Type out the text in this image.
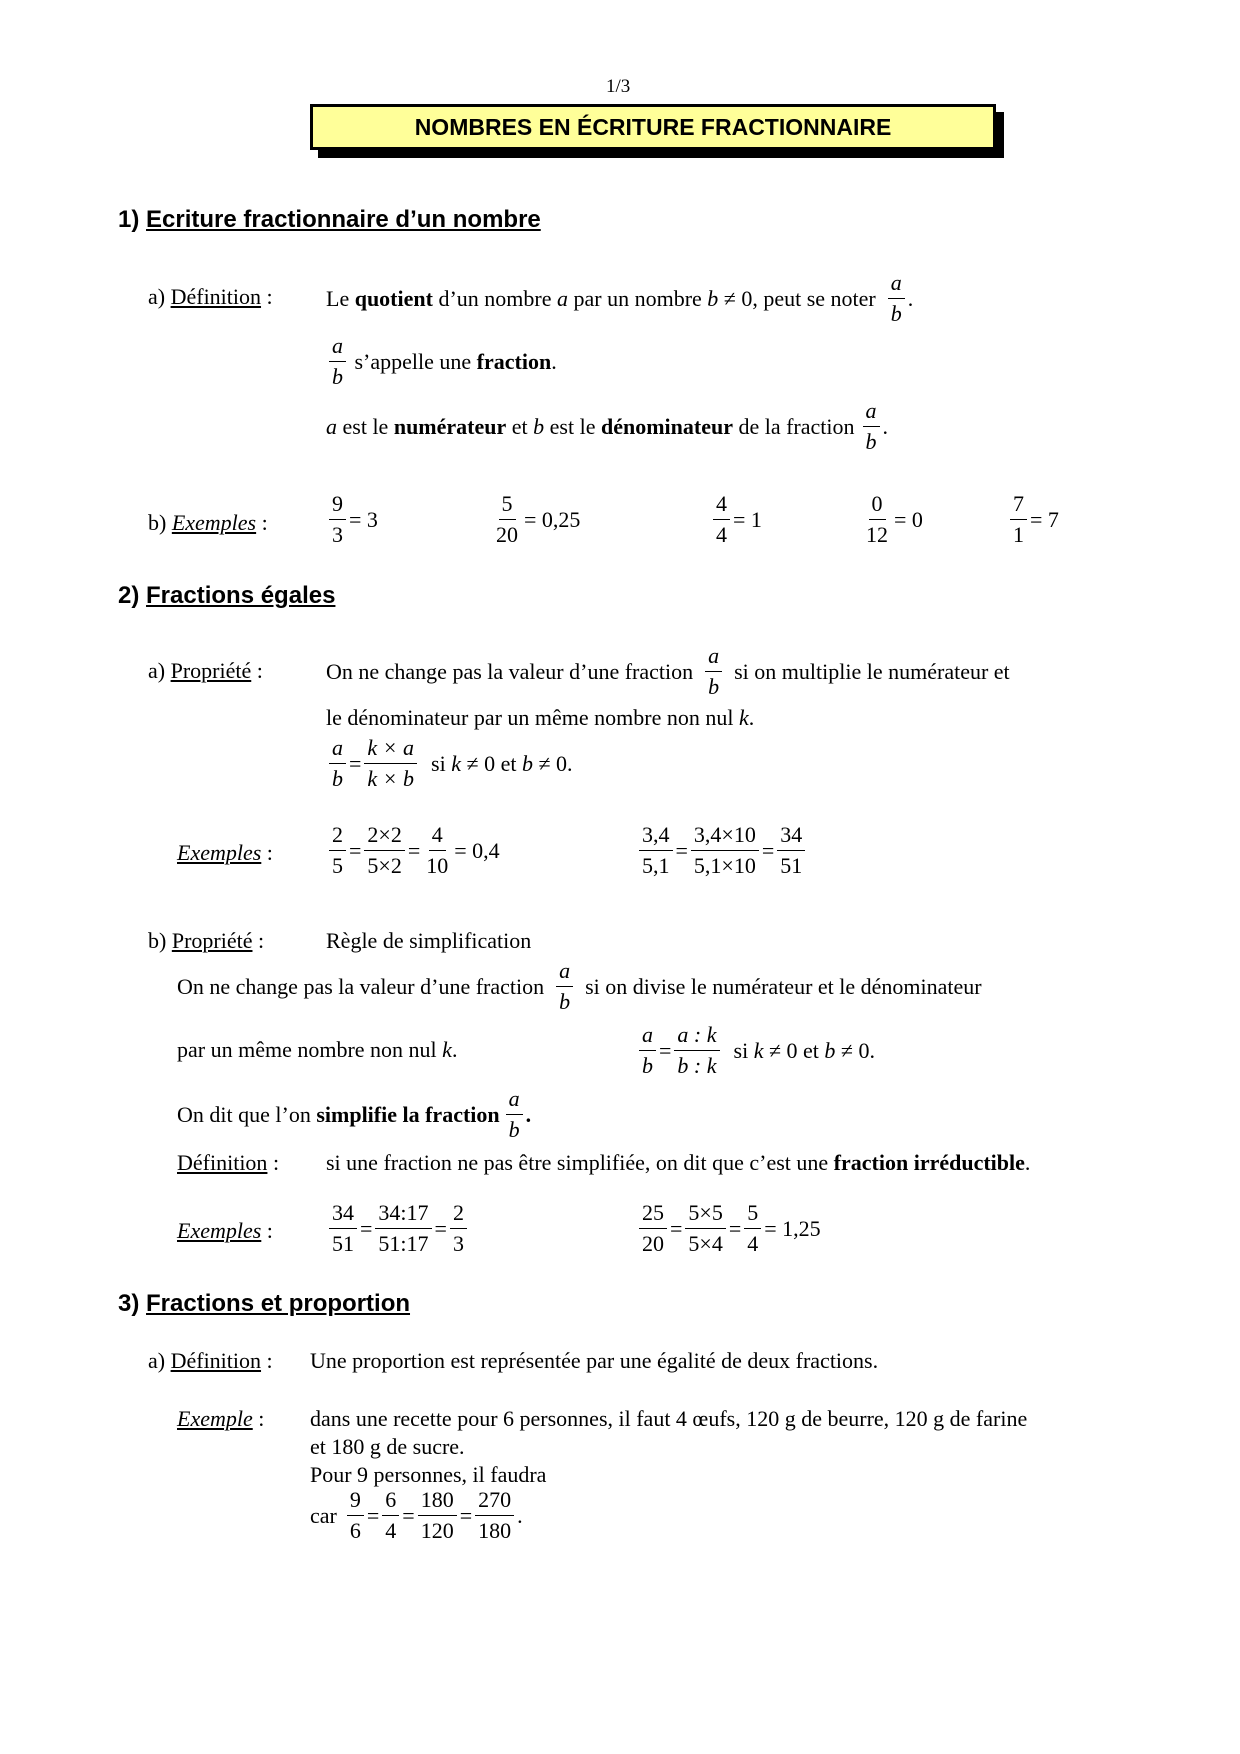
1/3
NOMBRES EN ÉCRITURE FRACTIONNAIRE
1) Ecriture fractionnaire d’un nombre
a) Définition : Le
quotient
d’un nombre
a
par un nombre
b
≠ 0, peut se noter $\frac{a}{b}$ .
$\frac{a}{b}$
s’appelle une
fraction .
a
est le
numérateur
et
b
est le
dénominateur
de la fraction $\frac{a}{b}$ .
b) Exemples :	$\frac{9}{3} = 3$	$\frac{5}{20} = 0,25$	$\frac{4}{4} = 1$	$\frac{0}{12} = 0$	$\frac{7}{1} = 7$
2) Fractions égales
a) Propriété :	On ne change pas la valeur d’une fraction $\frac{a}{b}$ si on multiplie le numérateur et
le dénominateur par un même nombre non nul k.
$\frac{a}{b} = \frac{k \times a}{k \times b}$
si
k
≠ 0 et
b
≠ 0.
Exemples :	$\frac{2}{5} = \frac{2\times 2}{5\times 2} = \frac{4}{10} = 0,4$	$\frac{3,4}{5,1} = \frac{3,4\times 10}{5,1\times 10} = \frac{34}{51}$
b) Propriété :	Règle de simplification
On ne change pas la valeur d’une fraction $\frac{a}{b}$ si on divise le numérateur et le dénominateur
par un même nombre non nul k.	$\frac{a}{b} = \frac{a : k}{b : k}$
si
k
≠ 0 et
b
≠ 0.
On dit que l’on
simplifie la fraction $\frac{a}{b}$ .
Définition : si une fraction ne pas être simplifiée, on dit que c’est une fraction irréductible.
Exemples :	$\frac{34}{51} = \frac{34:17}{51:17} = \frac{2}{3}$	$\frac{25}{20} = \frac{5\times 5}{5\times 4} = \frac{5}{4} = 1,25$
3) Fractions et proportion
a) Définition : Une proportion est représentée par une égalité de deux fractions.
Exemple : dans une recette pour 6 personnes, il faut 4 œufs, 120 g de beurre, 120 g de farine
et 180 g de sucre.
Pour 9 personnes, il faudra
car $\frac{9}{6} = \frac{6}{4} = \frac{180}{120} = \frac{270}{180}$ .
